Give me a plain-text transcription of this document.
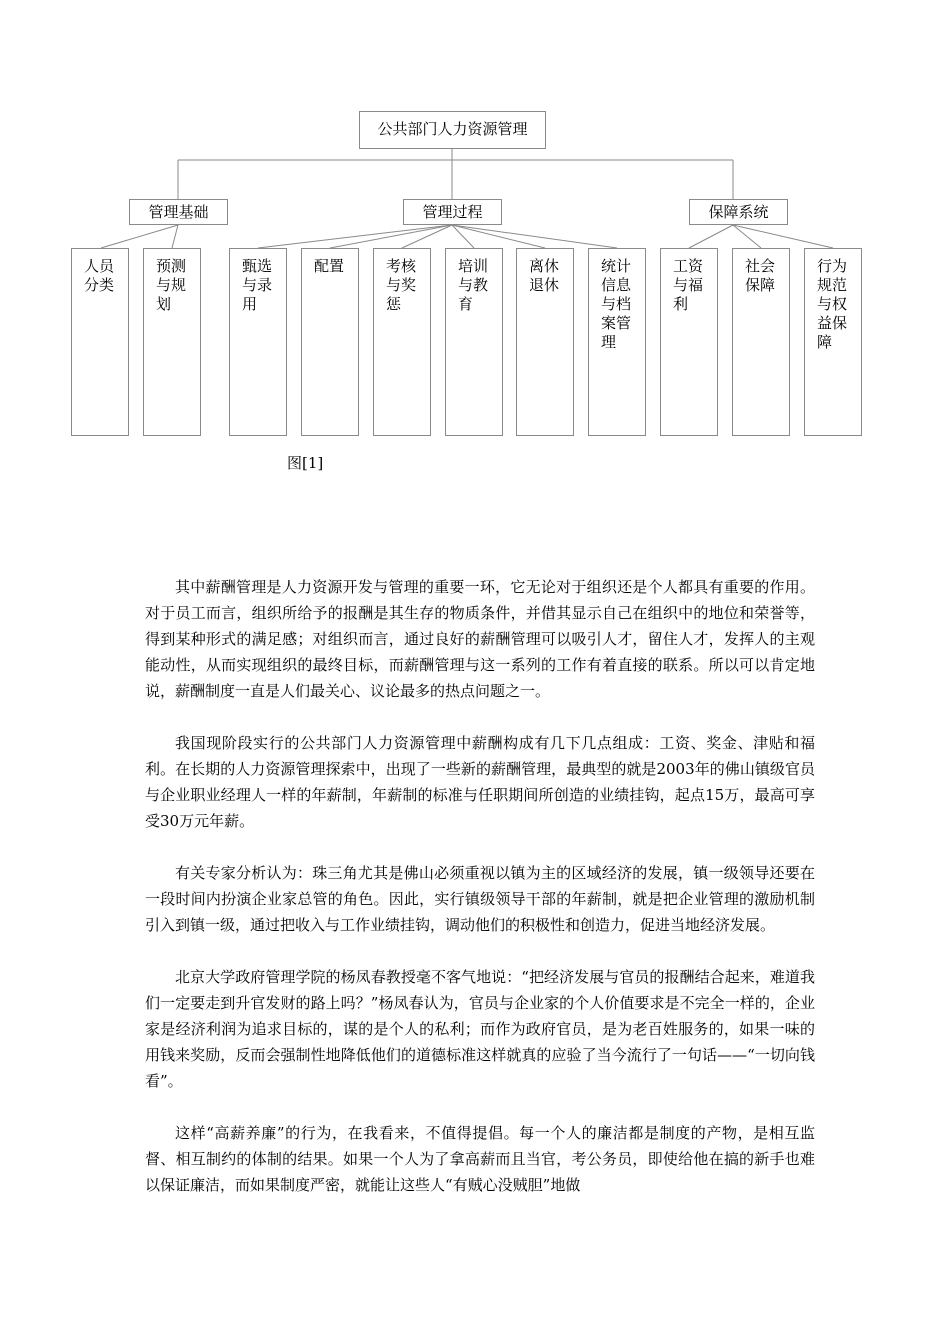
公共部门人力资源管理
管理基础	管理过程	保障系统
人员分类
预测与规划
甄选与录用
配置	考核与奖惩
培训与教育
离休退休
统计信息与档案管理
工资与福利
社会保障
行为规范与权益保障
图[1]

其中薪酬管理是人力资源开发与管理的重要一环，它无论对于组织还是个人都具有重要的作用。对于员工而言，组织所给予的报酬是其生存的物质条件，并借其显示自己在组织中的地位和荣誉等，得到某种形式的满足感；对组织而言，通过良好的薪酬管理可以吸引人才，留住人才，发挥人的主观能动性，从而实现组织的最终目标，而薪酬管理与这一系列的工作有着直接的联系。所以可以肯定地说，薪酬制度一直是人们最关心、议论最多的热点问题之一。

我国现阶段实行的公共部门人力资源管理中薪酬构成有几下几点组成：工资、奖金、津贴和福利。在长期的人力资源管理探索中，出现了一些新的薪酬管理，最典型的就是2003年的佛山镇级官员与企业职业经理人一样的年薪制，年薪制的标准与任职期间所创造的业绩挂钩，起点15万，最高可享受30万元年薪。

有关专家分析认为：珠三角尤其是佛山必须重视以镇为主的区域经济的发展，镇一级领导还要在一段时间内扮演企业家总管的角色。因此，实行镇级领导干部的年薪制，就是把企业管理的激励机制引入到镇一级，通过把收入与工作业绩挂钩，调动他们的积极性和创造力，促进当地经济发展。

北京大学政府管理学院的杨凤春教授毫不客气地说：“把经济发展与官员的报酬结合起来，难道我们一定要走到升官发财的路上吗？”杨凤春认为，官员与企业家的个人价值要求是不完全一样的，企业家是经济利润为追求目标的，谋的是个人的私利；而作为政府官员，是为老百姓服务的，如果一味的用钱来奖励，反而会强制性地降低他们的道德标准这样就真的应验了当今流行了一句话——“一切向钱看”。

这样“高薪养廉”的行为，在我看来，不值得提倡。每一个人的廉洁都是制度的产物，是相互监督、相互制约的体制的结果。如果一个人为了拿高薪而且当官，考公务员，即使给他在搞的新手也难以保证廉洁，而如果制度严密，就能让这些人“有贼心没贼胆”地做
